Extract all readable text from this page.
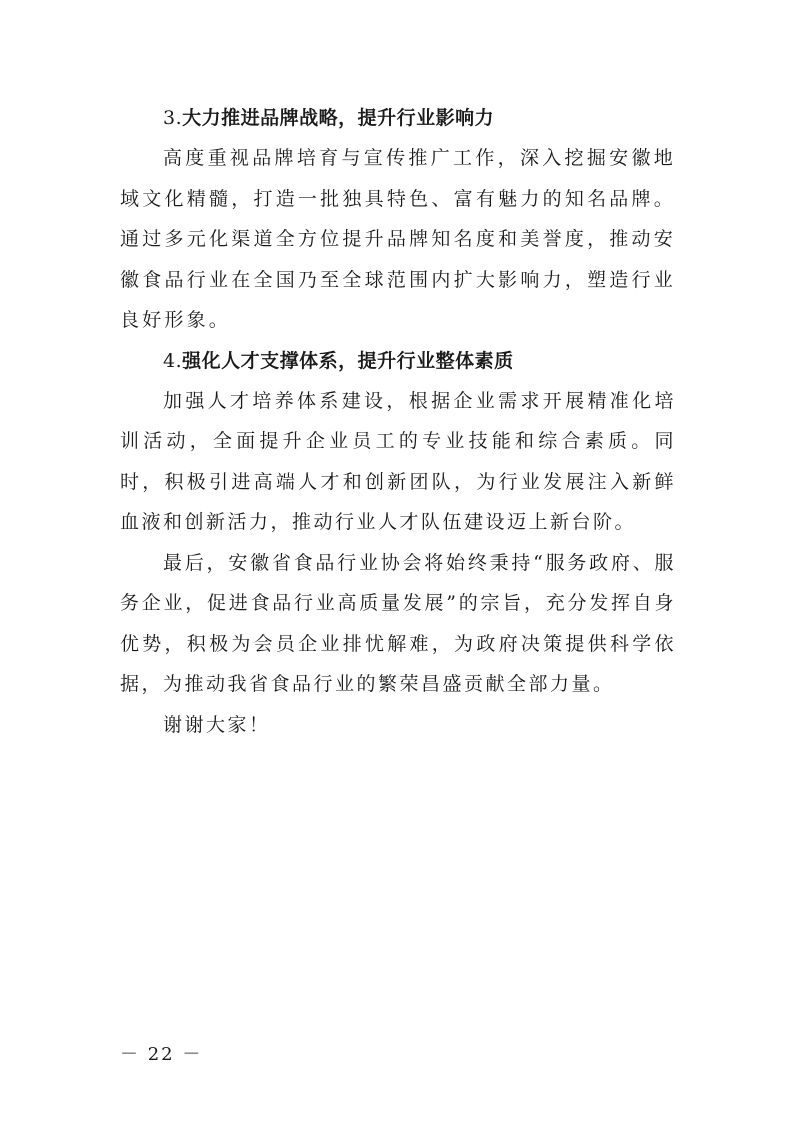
3.大力推进品牌战略，提升行业影响力

高度重视品牌培育与宣传推广工作，深入挖掘安徽地域文化精髓，打造一批独具特色、富有魅力的知名品牌。通过多元化渠道全方位提升品牌知名度和美誉度，推动安徽食品行业在全国乃至全球范围内扩大影响力，塑造行业良好形象。

4.强化人才支撑体系，提升行业整体素质

加强人才培养体系建设，根据企业需求开展精准化培训活动，全面提升企业员工的专业技能和综合素质。同时，积极引进高端人才和创新团队，为行业发展注入新鲜血液和创新活力，推动行业人才队伍建设迈上新台阶。

最后，安徽省食品行业协会将始终秉持“服务政府、服务企业，促进食品行业高质量发展”的宗旨，充分发挥自身优势，积极为会员企业排忧解难，为政府决策提供科学依据，为推动我省食品行业的繁荣昌盛贡献全部力量。

谢谢大家！

－ 22 －
